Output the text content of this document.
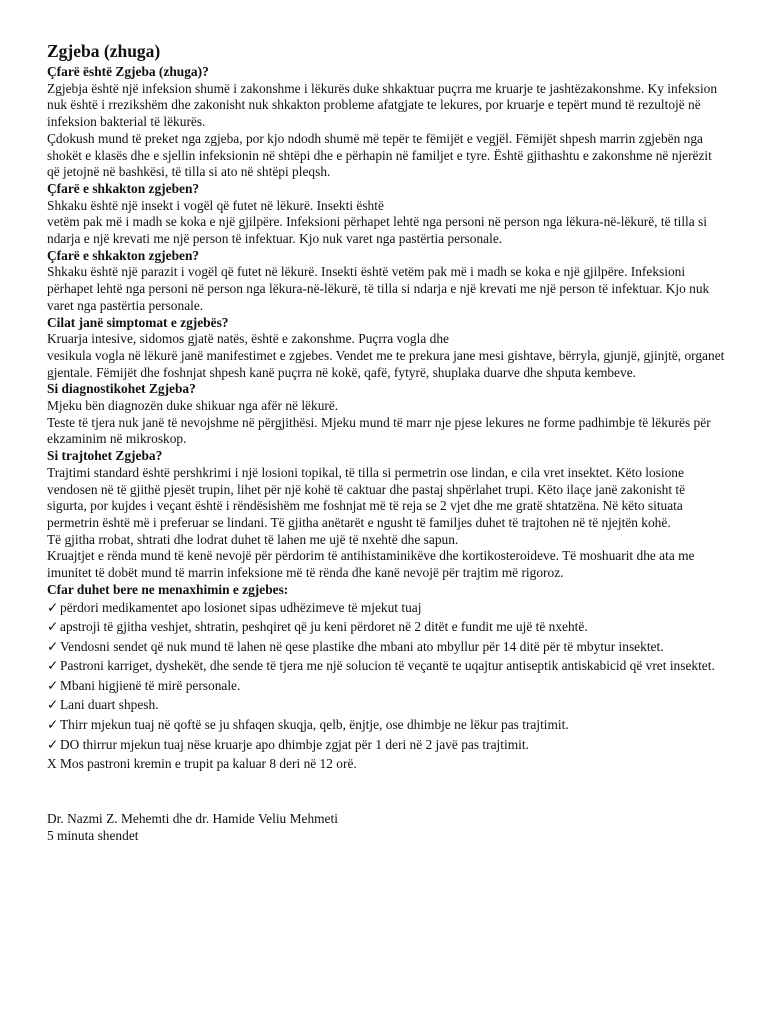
Zgjeba (zhuga)
Çfarë është Zgjeba (zhuga)?
Zgjebja është një infeksion shumë i zakonshme i lëkurës duke shkaktuar puçrra me kruarje te jashtëzakonshme. Ky infeksion nuk është i rrezikshëm dhe zakonisht nuk shkakton probleme afatgjate te lekures, por kruarje e tepërt mund të rezultojë në infeksion bakterial të lëkurës.
Çdokush mund të preket nga zgjeba, por kjo ndodh shumë më tepër te fëmijët e vegjël. Fëmijët shpesh marrin zgjebën nga shokët e klasës dhe e sjellin infeksionin në shtëpi dhe e përhapin në familjet e tyre. Është gjithashtu e zakonshme në njerëzit që jetojnë në bashkësi, të tilla si ato në shtëpi pleqsh.
Çfarë e shkakton zgjeben?
Shkaku është një insekt i vogël që futet në lëkurë. Insekti është
vetëm pak më i madh se koka e një gjilpëre. Infeksioni përhapet lehtë nga personi në person nga lëkura-në-lëkurë, të tilla si ndarja e një krevati me një person të infektuar. Kjo nuk varet nga pastërtia personale.
Çfarë e shkakton zgjeben?
Shkaku është një parazit i vogël që futet në lëkurë. Insekti është vetëm pak më i madh se koka e një gjilpëre. Infeksioni përhapet lehtë nga personi në person nga lëkura-në-lëkurë, të tilla si ndarja e një krevati me një person të infektuar. Kjo nuk varet nga pastërtia personale.
Cilat janë simptomat e zgjebës?
Kruarja intesive, sidomos gjatë natës, është e zakonshme. Puçrra vogla dhe
vesikula vogla në lëkurë janë manifestimet e zgjebes. Vendet me te prekura jane mesi gishtave, bërryla, gjunjë, gjinjtë, organet gjentale. Fëmijët dhe foshnjat shpesh kanë puçrra në kokë, qafë, fytyrë, shuplaka duarve dhe shputa kembeve.
Si diagnostikohet Zgjeba?
Mjeku bën diagnozën duke shikuar nga afër në lëkurë.
Teste të tjera nuk janë të nevojshme në përgjithësi. Mjeku mund të marr nje pjese lekures ne forme padhimbje të lëkurës për ekzaminim në mikroskop.
Si trajtohet Zgjeba?
Trajtimi standard është pershkrimi i një losioni topikal, të tilla si permetrin ose lindan, e cila vret insektet. Këto losione vendosen në të gjithë pjesët trupin, lihet për një kohë të caktuar dhe pastaj shpërlahet trupi. Këto ilaçe janë zakonisht të sigurta, por kujdes i veçant është i rëndësishëm me foshnjat më të reja se 2 vjet dhe me gratë shtatzëna. Në këto situata permetrin është më i preferuar se lindani. Të gjitha anëtarët e ngusht të familjes duhet të trajtohen në të njejtën kohë.
Të gjitha rrobat, shtrati dhe lodrat duhet të lahen me ujë të nxehtë dhe sapun.
Kruajtjet e rënda mund të kenë nevojë për përdorim të antihistaminikëve dhe kortikosteroideve. Të moshuarit dhe ata me imunitet të dobët mund të marrin infeksione më të rënda dhe kanë nevojë për trajtim më rigoroz.
Cfar duhet bere ne menaxhimin e zgjebes:
✓ përdori medikamentet apo losionet sipas udhëzimeve të mjekut tuaj
✓ apstroji të gjitha veshjet, shtratin, peshqiret që ju keni përdoret në 2 ditët e fundit me ujë të nxehtë.
✓ Vendosni sendet që nuk mund të lahen në qese plastike dhe mbani ato mbyllur për 14 ditë për të mbytur insektet.
✓ Pastroni karriget, dyshekët, dhe sende të tjera me një solucion të veçantë te uqajtur antiseptik antiskabicid që vret insektet.
✓ Mbani higjienë të mirë personale.
✓ Lani duart shpesh.
✓ Thirr mjekun tuaj në qoftë se ju shfaqen skuqja, qelb, ënjtje, ose dhimbje ne lëkur pas trajtimit.
✓ DO thirrur mjekun tuaj nëse kruarje apo dhimbje zgjat për 1 deri në 2 javë pas trajtimit.
X Mos pastroni kremin e trupit pa kaluar 8 deri në 12 orë.
Dr. Nazmi Z. Mehemti dhe dr. Hamide Veliu Mehmeti
5 minuta shendet
